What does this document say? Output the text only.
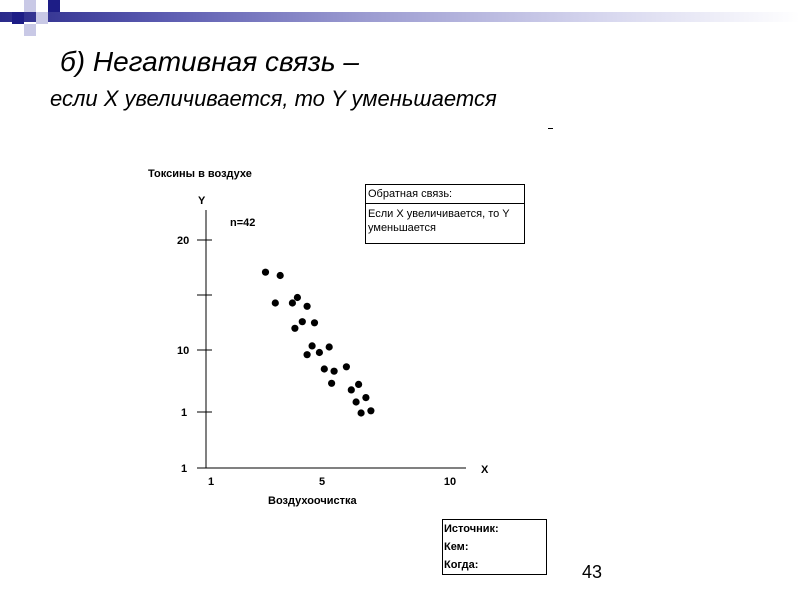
б) Негативная связь –
если X увеличивается, то Y уменьшается
Токсины в воздухе
Y
n=42
X
Воздухоочистка
20
10
1
1
1	5	10
Обратная связь:
Если X увеличивается, то Y
уменьшается
Источник:
Кем:
Когда:	43
